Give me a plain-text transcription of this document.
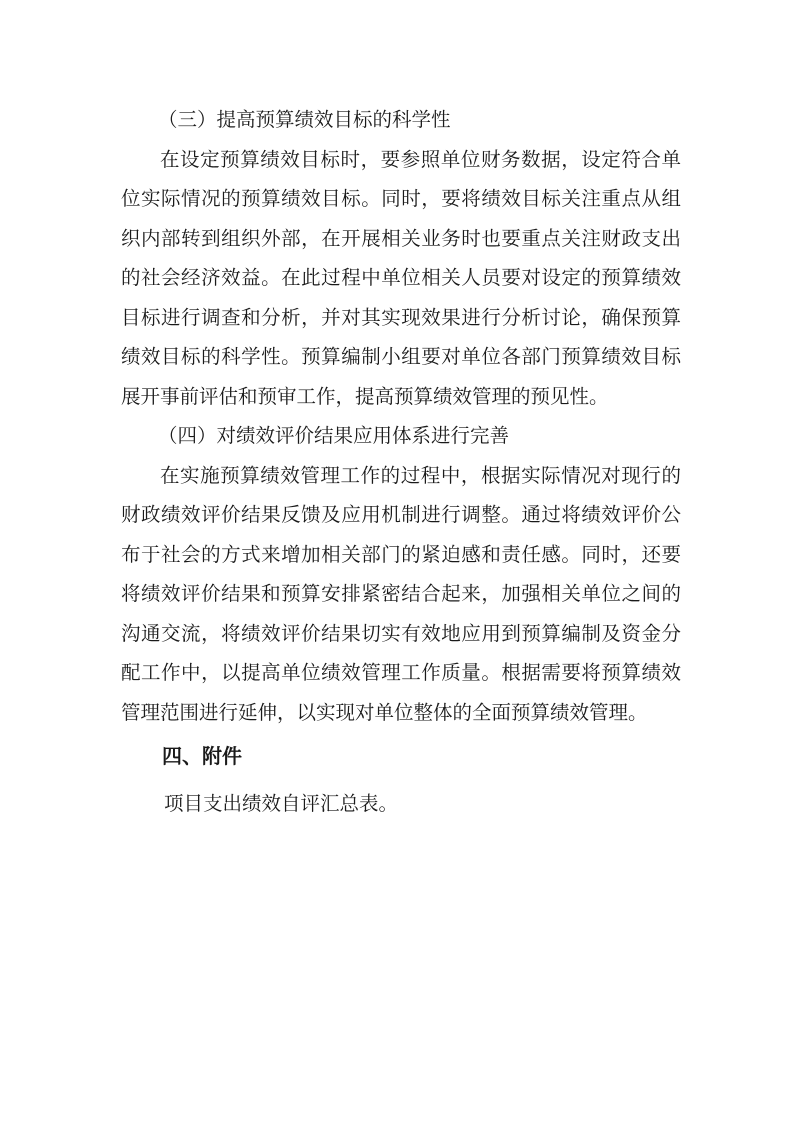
（三）提高预算绩效目标的科学性

在设定预算绩效目标时，要参照单位财务数据，设定符合单位实际情况的预算绩效目标。同时，要将绩效目标关注重点从组织内部转到组织外部，在开展相关业务时也要重点关注财政支出的社会经济效益。在此过程中单位相关人员要对设定的预算绩效目标进行调查和分析，并对其实现效果进行分析讨论，确保预算绩效目标的科学性。预算编制小组要对单位各部门预算绩效目标展开事前评估和预审工作，提高预算绩效管理的预见性。

（四）对绩效评价结果应用体系进行完善

在实施预算绩效管理工作的过程中，根据实际情况对现行的财政绩效评价结果反馈及应用机制进行调整。通过将绩效评价公布于社会的方式来增加相关部门的紧迫感和责任感。同时，还要将绩效评价结果和预算安排紧密结合起来，加强相关单位之间的沟通交流，将绩效评价结果切实有效地应用到预算编制及资金分配工作中，以提高单位绩效管理工作质量。根据需要将预算绩效管理范围进行延伸，以实现对单位整体的全面预算绩效管理。

四、附件

项目支出绩效自评汇总表。
